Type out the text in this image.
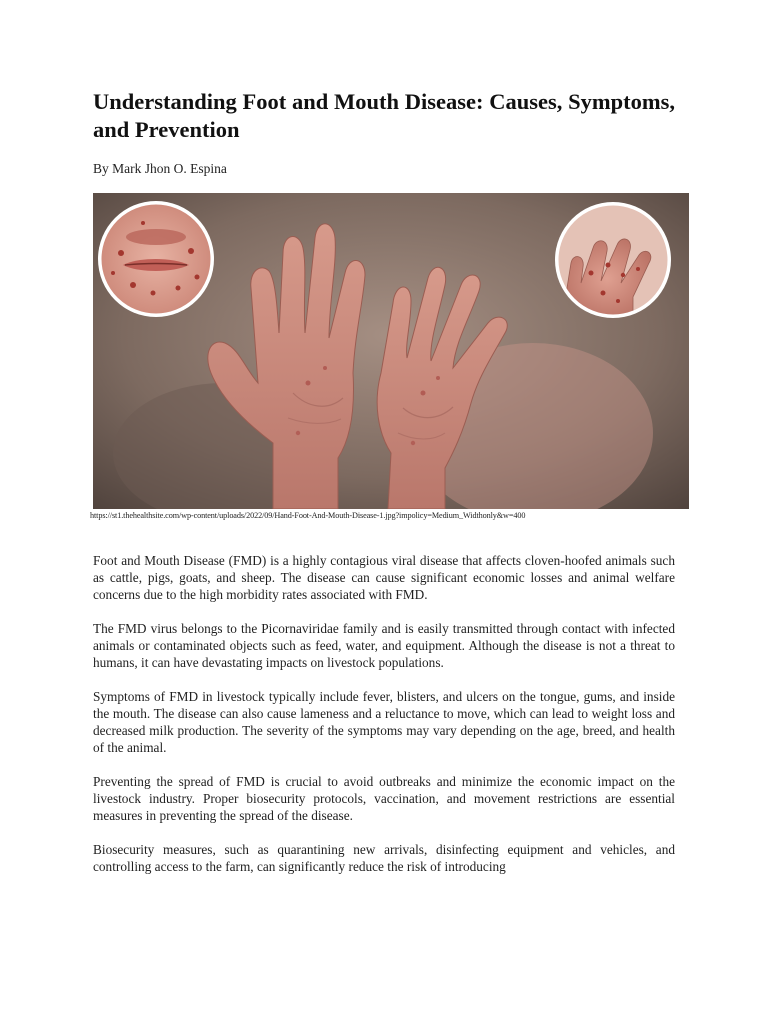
Understanding Foot and Mouth Disease: Causes, Symptoms, and Prevention
By Mark Jhon O. Espina
https://st1.thehealthsite.com/wp-content/uploads/2022/09/Hand-Foot-And-Mouth-Disease-1.jpg?impolicy=Medium_Widthonly&w=400

Foot and Mouth Disease (FMD) is a highly contagious viral disease that affects cloven-hoofed animals such as cattle, pigs, goats, and sheep. The disease can cause significant economic losses and animal welfare concerns due to the high morbidity rates associated with FMD.

The FMD virus belongs to the Picornaviridae family and is easily transmitted through contact with infected animals or contaminated objects such as feed, water, and equipment. Although the disease is not a threat to humans, it can have devastating impacts on livestock populations.

Symptoms of FMD in livestock typically include fever, blisters, and ulcers on the tongue, gums, and inside the mouth. The disease can also cause lameness and a reluctance to move, which can lead to weight loss and decreased milk production. The severity of the symptoms may vary depending on the age, breed, and health of the animal.

Preventing the spread of FMD is crucial to avoid outbreaks and minimize the economic impact on the livestock industry. Proper biosecurity protocols, vaccination, and movement restrictions are essential measures in preventing the spread of the disease.

Biosecurity measures, such as quarantining new arrivals, disinfecting equipment and vehicles, and controlling access to the farm, can significantly reduce the risk of introducing
